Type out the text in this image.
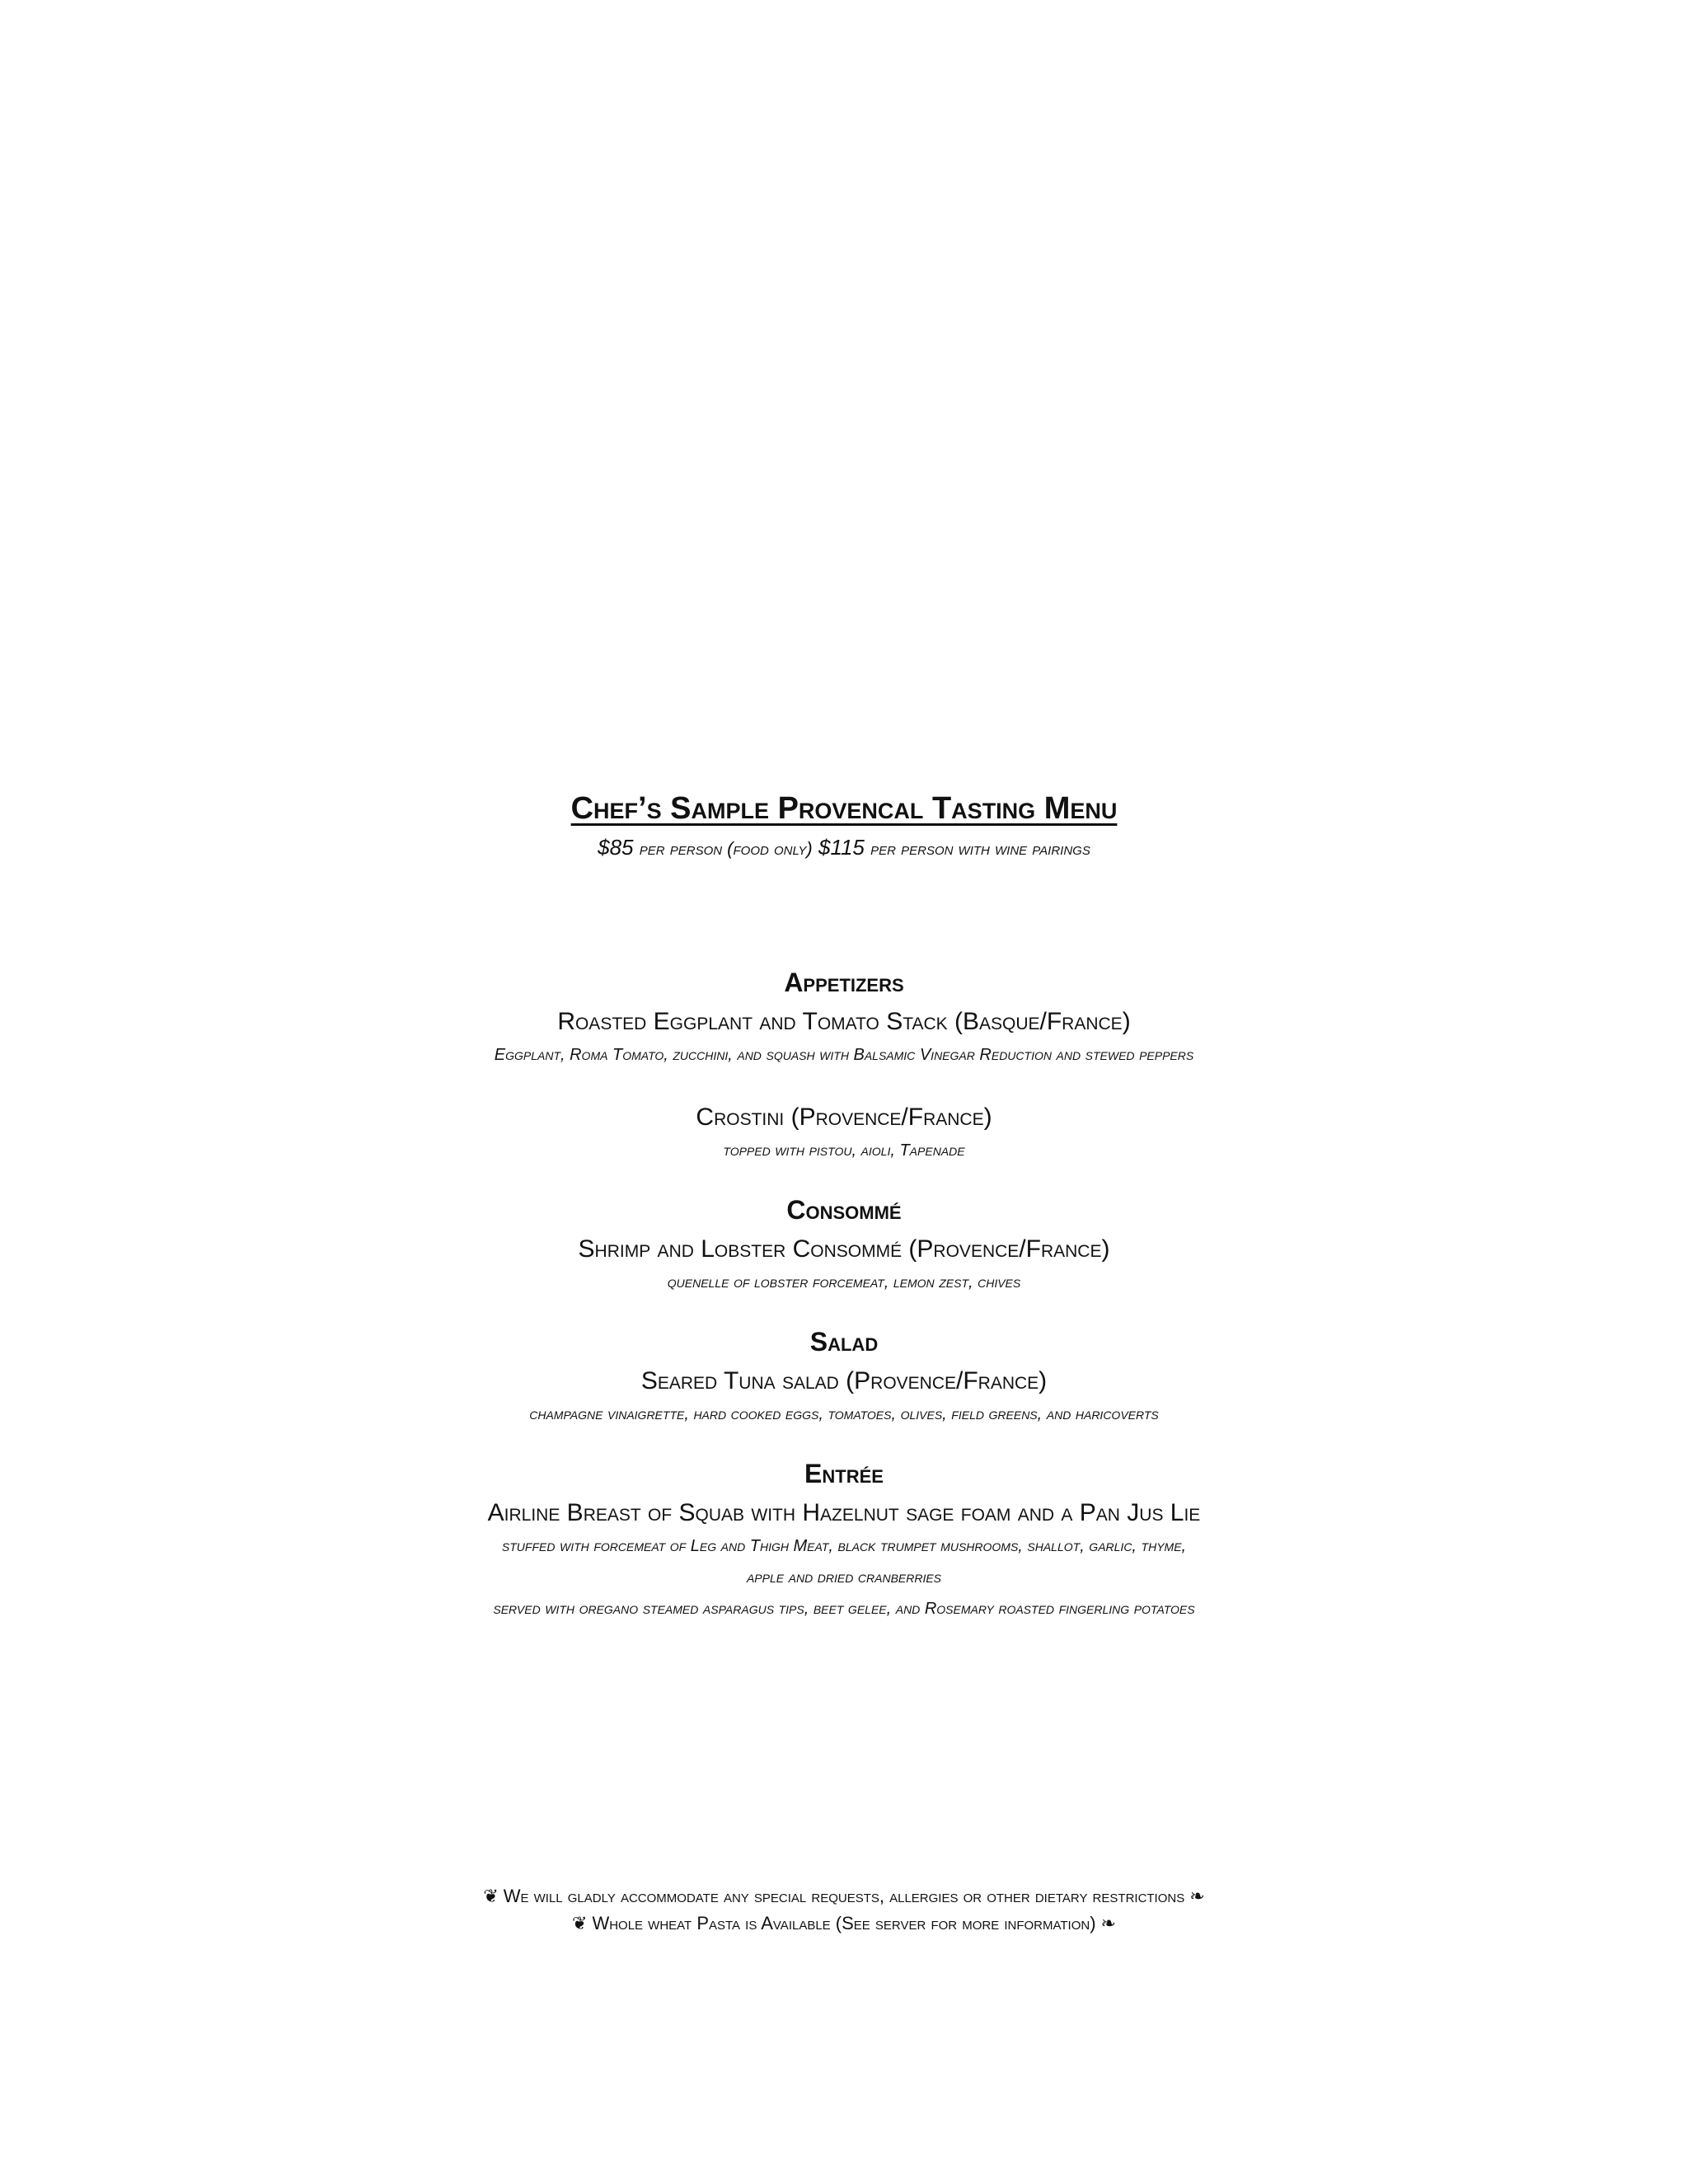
Chef’s Sample Provencal Tasting Menu

$85 per person (food only) $115 per person with wine pairings

Appetizers

Roasted Eggplant and Tomato Stack (Basque/France)

Eggplant, Roma Tomato, zucchini, and squash with Balsamic Vinegar Reduction and stewed peppers

Crostini (Provence/France)

topped with pistou, aioli, Tapenade

Consommé

Shrimp and Lobster Consommé (Provence/France)

quenelle of lobster forcemeat, lemon zest, chives

Salad

Seared Tuna salad (Provence/France)

champagne vinaigrette, hard cooked eggs, tomatoes, olives, field greens, and haricoverts

Entrée

Airline Breast of Squab with Hazelnut sage foam and a Pan Jus Lie

stuffed with forcemeat of Leg and Thigh Meat, black trumpet mushrooms, shallot, garlic, thyme,

apple and dried cranberries

served with oregano steamed asparagus tips, beet gelee, and Rosemary roasted fingerling potatoes

❦ We will gladly accommodate any special requests, allergies or other dietary restrictions ❧

❦ Whole wheat Pasta is Available (See server for more information) ❧
